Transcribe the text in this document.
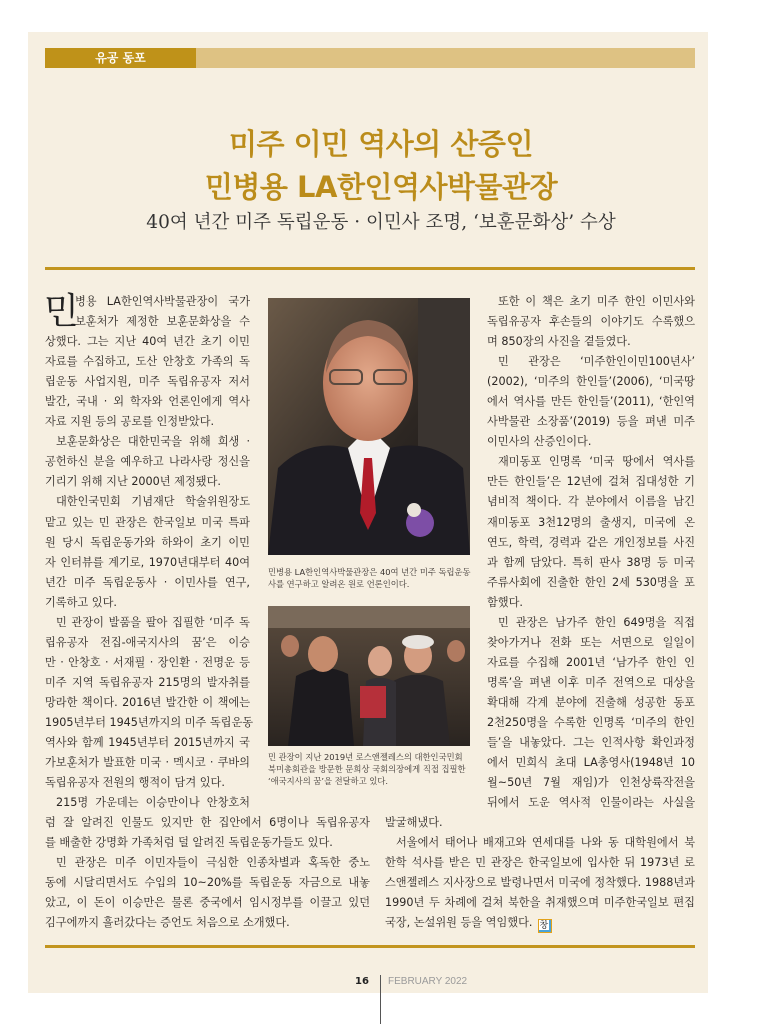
유공 동포
미주 이민 역사의 산증인
민병용 LA한인역사박물관장
40여 년간 미주 독립운동 · 이민사 조명, ‘보훈문화상’ 수상
민
병용 LA한인역사박물관장이 국가
보훈처가 제정한 보훈문화상을 수
상했다. 그는 지난 40여 년간 초기 이민
자료를 수집하고, 도산 안창호 가족의 독
립운동 사업지원, 미주 독립유공자 저서
발간, 국내 · 외 학자와 언론인에게 역사
자료 지원 등의 공로를 인정받았다.
보훈문화상은 대한민국을 위해 희생 ·
공헌하신 분을 예우하고 나라사랑 정신을
기리기 위해 지난 2000년 제정됐다.
대한인국민회 기념재단 학술위원장도
맡고 있는 민 관장은 한국일보 미국 특파
원 당시 독립운동가와 하와이 초기 이민
자 인터뷰를 계기로, 1970년대부터 40여
년간 미주 독립운동사 · 이민사를 연구,
기록하고 있다.
민 관장이 발품을 팔아 집필한 ‘미주 독
립유공자 전집-애국지사의 꿈’은 이승
만 · 안창호 · 서재필 · 장인환 · 전명운 등
미주 지역 독립유공자 215명의 발자취를
망라한 책이다. 2016년 발간한 이 책에는
1905년부터 1945년까지의 미주 독립운동
역사와 함께 1945년부터 2015년까지 국
가보훈처가 발표한 미국 · 멕시코 · 쿠바의
독립유공자 전원의 행적이 담겨 있다.
215명 가운데는 이승만이나 안창호처
또한 이 책은 초기 미주 한인 이민사와
독립유공자 후손들의 이야기도 수록했으
며 850장의 사진을 곁들였다.
민 관장은 ‘미주한인이민100년사’
(2002), ‘미주의 한인들’(2006), ‘미국땅
에서 역사를 만든 한인들’(2011), ‘한인역
사박물관 소장품’(2019) 등을 펴낸 미주
이민사의 산증인이다.
재미동포 인명록 ‘미국 땅에서 역사를
만든 한인들’은 12년에 걸쳐 집대성한 기
념비적 책이다. 각 분야에서 이름을 남긴
재미동포 3천12명의 출생지, 미국에 온
연도, 학력, 경력과 같은 개인정보를 사진
과 함께 담았다. 특히 판사 38명 등 미국
주류사회에 진출한 한인 2세 530명을 포
함했다.
민 관장은 남가주 한인 649명을 직접
찾아가거나 전화 또는 서면으로 일일이
자료를 수집해 2001년 ‘남가주 한인 인
명록’을 펴낸 이후 미주 전역으로 대상을
확대해 각계 분야에 진출해 성공한 동포
2천250명을 수록한 인명록 ‘미주의 한인
들’을 내놓았다. 그는 인적사항 확인과정
에서 민희식 초대 LA총영사(1948년 10
월~50년 7월 재임)가 인천상륙작전을
뒤에서 도운 역사적 인물이라는 사실을
럼 잘 알려진 인물도 있지만 한 집안에서 6명이나 독립유공자
를 배출한 강명화 가족처럼 덜 알려진 독립운동가들도 있다.
민 관장은 미주 이민자들이 극심한 인종차별과 혹독한 중노
동에 시달리면서도 수입의 10~20%를 독립운동 자금으로 내놓
았고, 이 돈이 이승만은 물론 중국에서 임시정부를 이끌고 있던
김구에까지 흘러갔다는 증언도 처음으로 소개했다.
발굴해냈다.
서울에서 태어나 배재고와 연세대를 나와 동 대학원에서 북
한학 석사를 받은 민 관장은 한국일보에 입사한 뒤 1973년 로
스앤젤레스 지사장으로 발령나면서 미국에 정착했다. 1988년과
1990년 두 차례에 걸쳐 북한을 취재했으며 미주한국일보 편집
국장, 논설위원 등을 역임했다. 창
민병용 LA한인역사박물관장은 40여 년간 미주 독립운동
사를 연구하고 알려온 원로 언론인이다.
민 관장이 지난 2019년 로스앤젤레스의 대한인국민회
북미총회관을 방문한 문희상 국회의장에게 직접 집필한
‘애국지사의 꿈’을 전달하고 있다.
16 FEBRUARY 2022
